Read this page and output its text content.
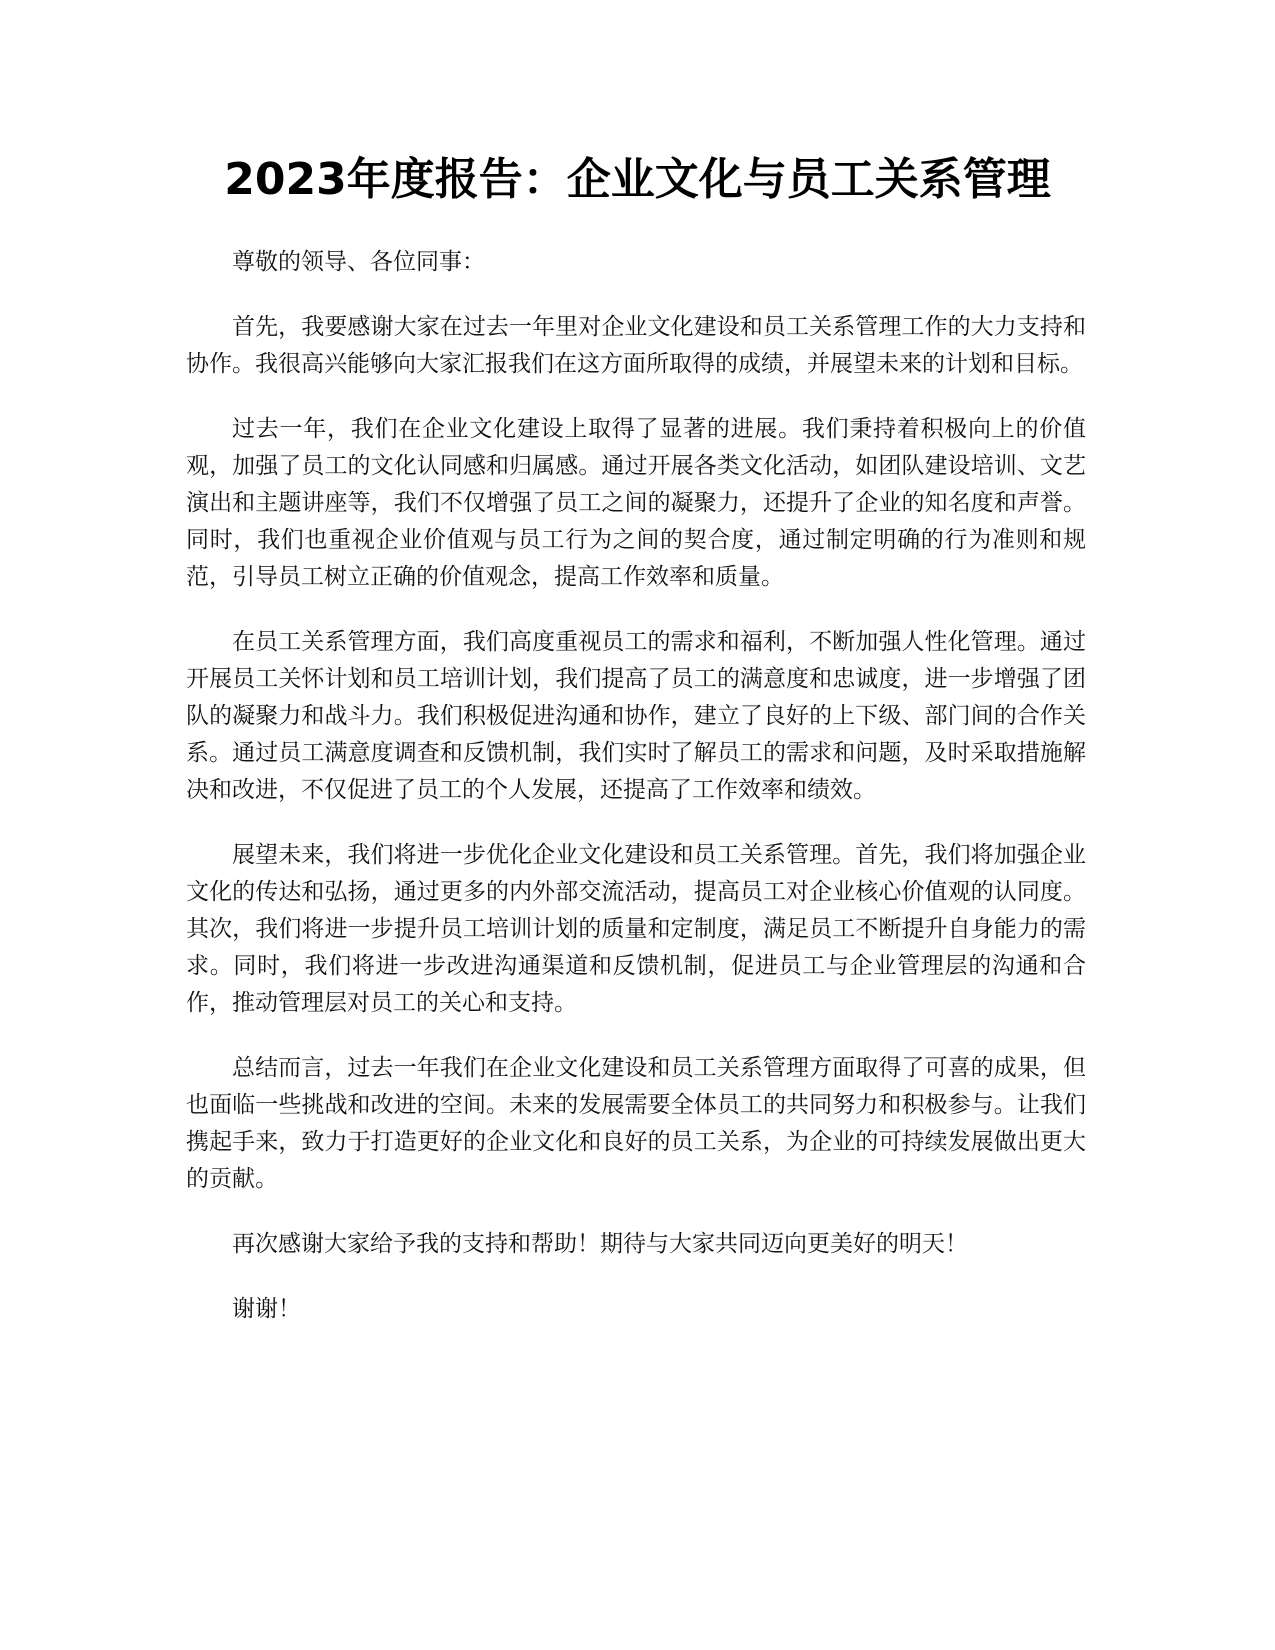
2023年度报告：企业文化与员工关系管理

尊敬的领导、各位同事：

首先，我要感谢大家在过去一年里对企业文化建设和员工关系管理工作的大力支持和协作。我很高兴能够向大家汇报我们在这方面所取得的成绩，并展望未来的计划和目标。

过去一年，我们在企业文化建设上取得了显著的进展。我们秉持着积极向上的价值观，加强了员工的文化认同感和归属感。通过开展各类文化活动，如团队建设培训、文艺演出和主题讲座等，我们不仅增强了员工之间的凝聚力，还提升了企业的知名度和声誉。同时，我们也重视企业价值观与员工行为之间的契合度，通过制定明确的行为准则和规范，引导员工树立正确的价值观念，提高工作效率和质量。

在员工关系管理方面，我们高度重视员工的需求和福利，不断加强人性化管理。通过开展员工关怀计划和员工培训计划，我们提高了员工的满意度和忠诚度，进一步增强了团队的凝聚力和战斗力。我们积极促进沟通和协作，建立了良好的上下级、部门间的合作关系。通过员工满意度调查和反馈机制，我们实时了解员工的需求和问题，及时采取措施解决和改进，不仅促进了员工的个人发展，还提高了工作效率和绩效。

展望未来，我们将进一步优化企业文化建设和员工关系管理。首先，我们将加强企业文化的传达和弘扬，通过更多的内外部交流活动，提高员工对企业核心价值观的认同度。其次，我们将进一步提升员工培训计划的质量和定制度，满足员工不断提升自身能力的需求。同时，我们将进一步改进沟通渠道和反馈机制，促进员工与企业管理层的沟通和合作，推动管理层对员工的关心和支持。

总结而言，过去一年我们在企业文化建设和员工关系管理方面取得了可喜的成果，但也面临一些挑战和改进的空间。未来的发展需要全体员工的共同努力和积极参与。让我们携起手来，致力于打造更好的企业文化和良好的员工关系，为企业的可持续发展做出更大的贡献。

再次感谢大家给予我的支持和帮助！期待与大家共同迈向更美好的明天！

谢谢！
